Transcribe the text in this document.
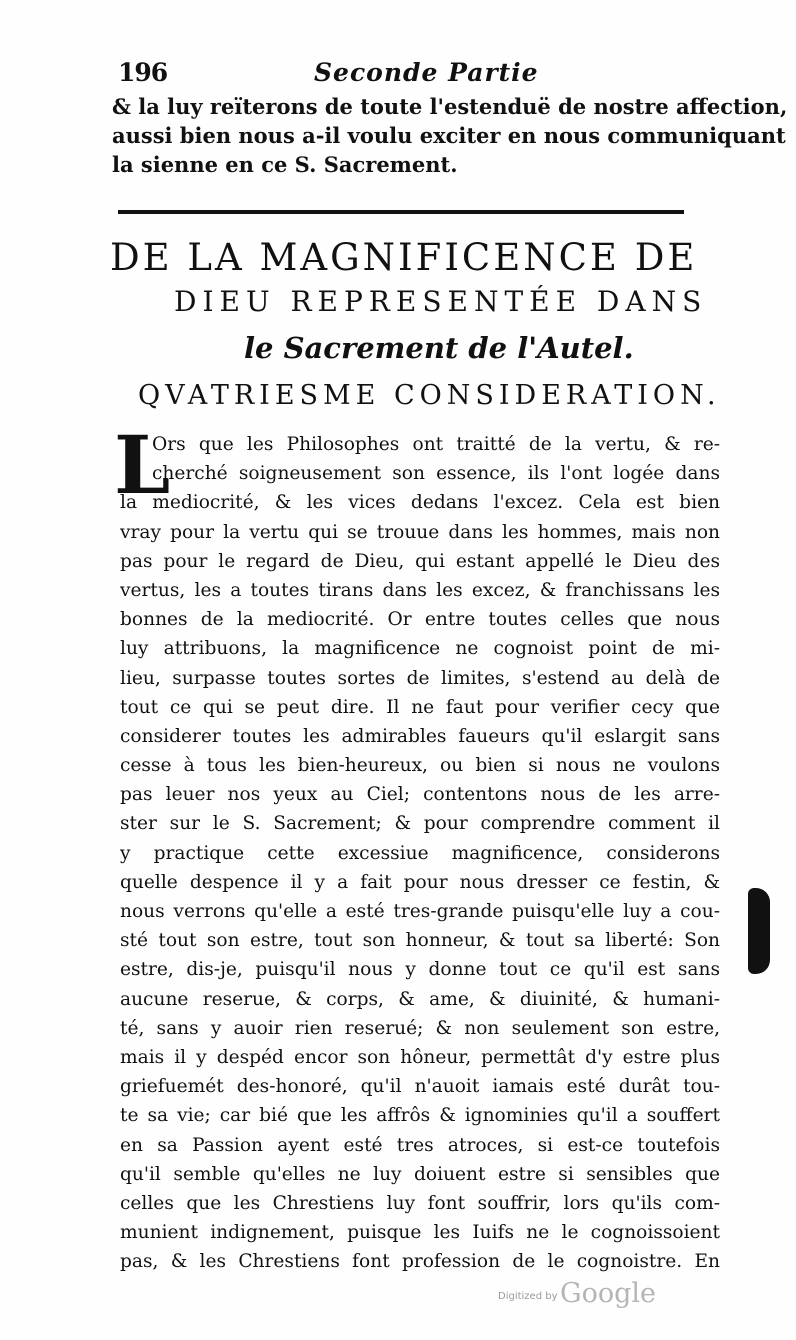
196	Seconde Partie
& la luy reïterons de toute l'estenduë de nostre affection,
aussi bien nous a-il voulu exciter en nous communiquant
la sienne en ce S. Sacrement.
DE LA MAGNIFICENCE DE
DIEU REPRESENTÉE DANS
le Sacrement de l'Autel.
QVATRIESME CONSIDERATION.
L
Ors que les Philosophes ont traitté de la vertu, & re-
cherché soigneusement son essence, ils l'ont logée dans
la mediocrité, & les vices dedans l'excez. Cela est bien
vray pour la vertu qui se trouue dans les hommes, mais non
pas pour le regard de Dieu, qui estant appellé le Dieu des
vertus, les a toutes tirans dans les excez, & franchissans les
bonnes de la mediocrité. Or entre toutes celles que nous
luy attribuons, la magnificence ne cognoist point de mi-
lieu, surpasse toutes sortes de limites, s'estend au delà de
tout ce qui se peut dire. Il ne faut pour verifier cecy que
considerer toutes les admirables faueurs qu'il eslargit sans
cesse à tous les bien-heureux, ou bien si nous ne voulons
pas leuer nos yeux au Ciel; contentons nous de les arre-
ster sur le S. Sacrement; & pour comprendre comment il
y practique cette excessiue magnificence, considerons
quelle despence il y a fait pour nous dresser ce festin, &
nous verrons qu'elle a esté tres-grande puisqu'elle luy a cou-
sté tout son estre, tout son honneur, & tout sa liberté: Son
estre, dis-je, puisqu'il nous y donne tout ce qu'il est sans
aucune reserue, & corps, & ame, & diuinité, & humani-
té, sans y auoir rien reserué; & non seulement son estre,
mais il y despéd encor son hôneur, permettât d'y estre plus
griefuemét des-honoré, qu'il n'auoit iamais esté durât tou-
te sa vie; car bié que les affrôs & ignominies qu'il a souffert
en sa Passion ayent esté tres atroces, si est-ce toutefois
qu'il semble qu'elles ne luy doiuent estre si sensibles que
celles que les Chrestiens luy font souffrir, lors qu'ils com-
munient indignement, puisque les Iuifs ne le cognoissoient
pas, & les Chrestiens font profession de le cognoistre. En
Digitized by Google
